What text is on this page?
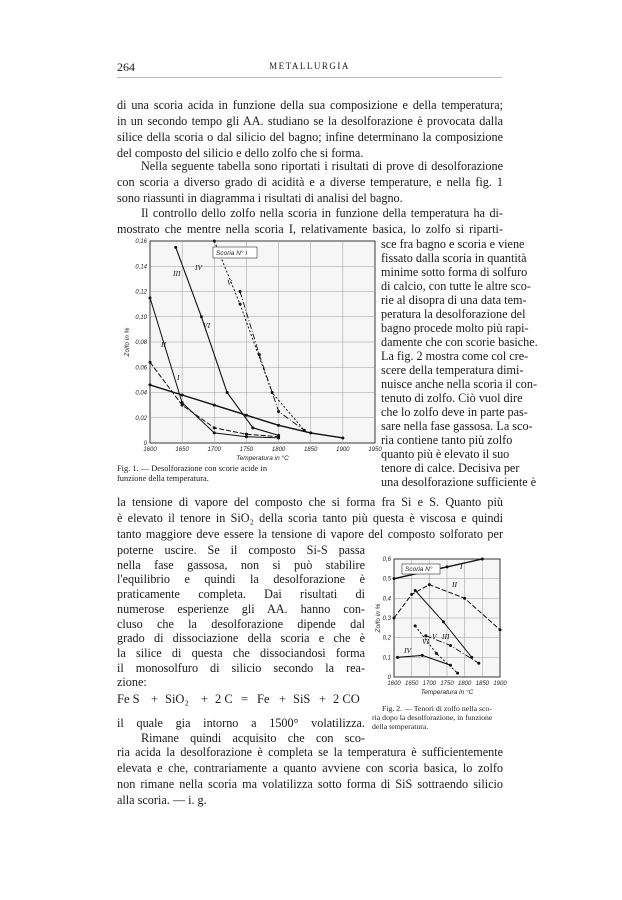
264	METALLURGIA
di una scoria acida in funzione della sua composizione e della temperatura;
in un secondo tempo gli AA. studiano se la desolforazione è provocata dalla
silice della scoria o dal silicio del bagno; infine determinano la composizione
del composto del silicio e dello zolfo che si forma.
Nella seguente tabella sono riportati i risultati di prove di desolforazione
con scoria a diverso grado di acidità e a diverse temperature, e nella fig. 1
sono riassunti in diagramma i risultati di analisi del bagno.
Il controllo dello zolfo nella scoria in funzione della temperatura ha di-
mostrato che mentre nella scoria I, relativamente basica, lo zolfo si riparti-
sce fra bagno e scoria e viene
fissato dalla scoria in quantità
minime sotto forma di solfuro
di calcio, con tutte le altre sco-
rie al disopra di una data tem-
peratura la desolforazione del
bagno procede molto più rapi-
damente che con scorie basiche.
La fig. 2 mostra come col cre-
scere della temperatura dimi-
nuisce anche nella scoria il con-
tenuto di zolfo. Ciò vuol dire
che lo zolfo deve in parte pas-
sare nella fase gassosa. La sco-
ria contiene tanto più zolfo
quanto più è elevato il suo
tenore di calce. Decisiva per
una desolforazione sufficiente è
1600	1650	1700	1750	1800	1850	1900	1950
0
0,02
0,04
0,06
0,08
0,10
0,12
0,14
0,16
I
II
III
IV
V
VI
Scoria N° I
Temperatura in °C
Zolfo in %
Fig. 1. — Desolforazione con scorie acide in
funzione della temperatura.
la tensione di vapore del composto che si forma fra Si e S. Quanto più
è elevato il tenore in SiO₂ della scoria tanto più questa è viscosa e quindi
tanto maggiore deve essere la tensione di vapore del composto solforato per
poterne uscire. Se il composto Si-S passa
nella fase gassosa, non si può stabilire
l'equilibrio e quindi la desolforazione è
praticamente completa. Dai risultati di
numerose esperienze gli AA. hanno con-
cluso che la desolforazione dipende dal
grado di dissociazione della scoria e che è
la silice di questa che dissociandosi forma
il monosolfuro di silicio secondo la rea-
zione:
Fe S + SiO₂ + 2 C = Fe + SiS + 2 CO
il quale gia intorno a 1500° volatilizza.
Rimane quindi acquisito che con sco-
1600 1650 1700 1750 1800 1850 1900
0
0,1
0,2
0,3
0,4
0,5
0,6
I
II
III
IV
V
VI
Scoria N°
Temperatura in °C
Zolfo in %
Fig. 2. — Tenori di zolfo nella sco-
ria dopo la desolforazione, in funzione
della temperatura.
ria acida la desolforazione è completa se la temperatura è sufficientemente
elevata e che, contrariamente a quanto avviene con scoria basica, lo zolfo
non rimane nella scoria ma volatilizza sotto forma di SiS sottraendo silicio
alla scoria. — i. g.
